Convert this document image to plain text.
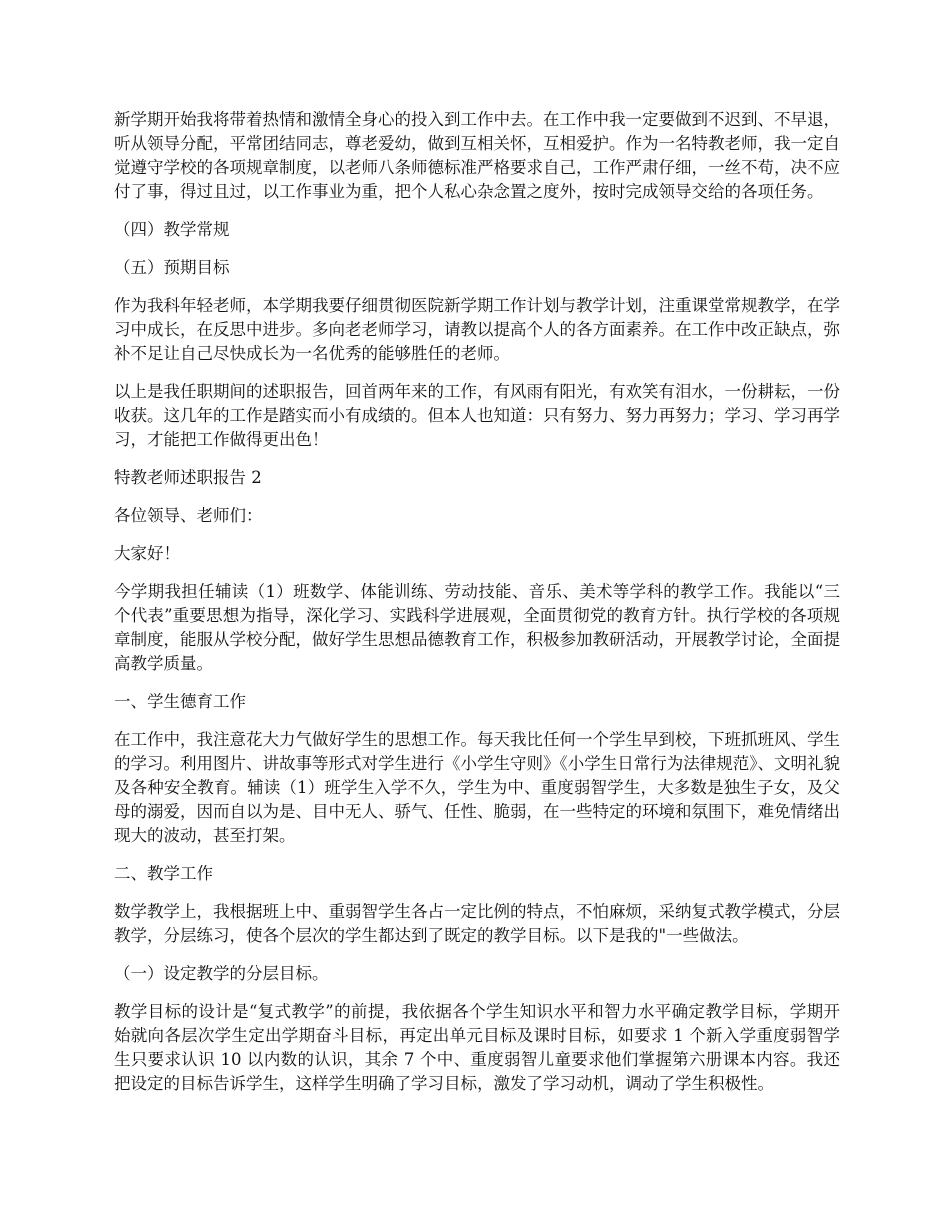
新学期开始我将带着热情和激情全身心的投入到工作中去。在工作中我一定要做到不迟到、不早退，听从领导分配，平常团结同志，尊老爱幼，做到互相关怀，互相爱护。作为一名特教老师，我一定自觉遵守学校的各项规章制度，以老师八条师德标准严格要求自己，工作严肃仔细，一丝不苟，决不应付了事，得过且过，以工作事业为重，把个人私心杂念置之度外，按时完成领导交给的各项任务。

（四）教学常规

（五）预期目标

作为我科年轻老师，本学期我要仔细贯彻医院新学期工作计划与教学计划，注重课堂常规教学，在学习中成长，在反思中进步。多向老老师学习，请教以提高个人的各方面素养。在工作中改正缺点，弥补不足让自己尽快成长为一名优秀的能够胜任的老师。

以上是我任职期间的述职报告，回首两年来的工作，有风雨有阳光，有欢笑有泪水，一份耕耘，一份收获。这几年的工作是踏实而小有成绩的。但本人也知道：只有努力、努力再努力；学习、学习再学习，才能把工作做得更出色！

特教老师述职报告 2

各位领导、老师们：

大家好！

今学期我担任辅读（1）班数学、体能训练、劳动技能、音乐、美术等学科的教学工作。我能以“三个代表”重要思想为指导，深化学习、实践科学进展观，全面贯彻党的教育方针。执行学校的各项规章制度，能服从学校分配，做好学生思想品德教育工作，积极参加教研活动，开展教学讨论，全面提高教学质量。

一、学生德育工作

在工作中，我注意花大力气做好学生的思想工作。每天我比任何一个学生早到校，下班抓班风、学生的学习。利用图片、讲故事等形式对学生进行《小学生守则》《小学生日常行为法律规范》、文明礼貌及各种安全教育。辅读（1）班学生入学不久，学生为中、重度弱智学生，大多数是独生子女，及父母的溺爱，因而自以为是、目中无人、骄气、任性、脆弱，在一些特定的环境和氛围下，难免情绪出现大的波动，甚至打架。

二、教学工作

数学教学上，我根据班上中、重弱智学生各占一定比例的特点，不怕麻烦，采纳复式教学模式，分层教学，分层练习，使各个层次的学生都达到了既定的教学目标。以下是我的"一些做法。

（一）设定教学的分层目标。

教学目标的设计是“复式教学”的前提，我依据各个学生知识水平和智力水平确定教学目标，学期开始就向各层次学生定出学期奋斗目标，再定出单元目标及课时目标，如要求 1 个新入学重度弱智学生只要求认识 10 以内数的认识，其余 7 个中、重度弱智儿童要求他们掌握第六册课本内容。我还把设定的目标告诉学生，这样学生明确了学习目标，激发了学习动机，调动了学生积极性。
